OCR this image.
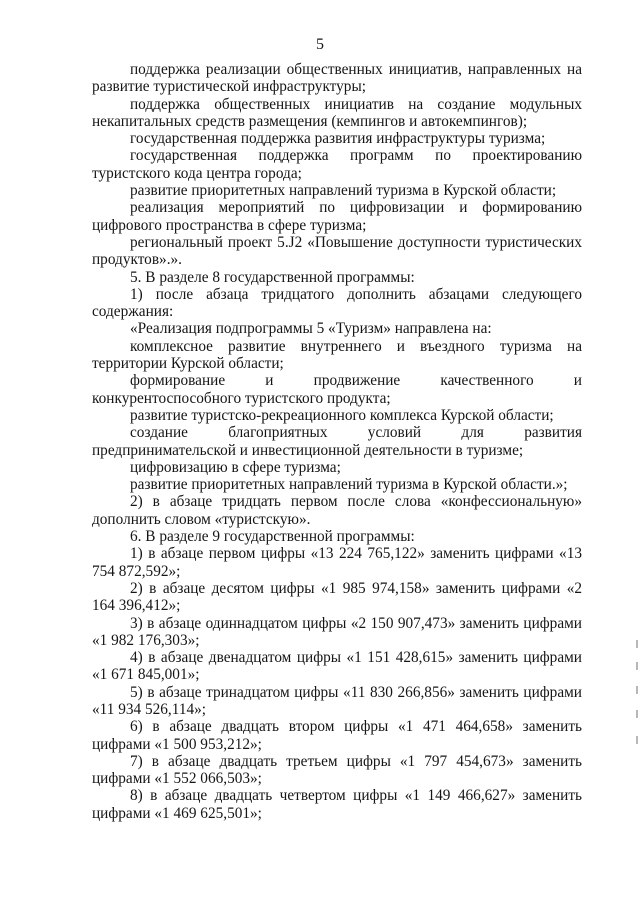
5

поддержка реализации общественных инициатив, направленных на развитие туристической инфраструктуры;

поддержка общественных инициатив на создание модульных некапитальных средств размещения (кемпингов и автокемпингов);

государственная поддержка развития инфраструктуры туризма;

государственная поддержка программ по проектированию туристского кода центра города;

развитие приоритетных направлений туризма в Курской области;

реализация мероприятий по цифровизации и формированию цифрового пространства в сфере туризма;

региональный проект 5.J2 «Повышение доступности туристических продуктов».».

5. В разделе 8 государственной программы:

1) после абзаца тридцатого дополнить абзацами следующего содержания:

«Реализация подпрограммы 5 «Туризм» направлена на:

комплексное развитие внутреннего и въездного туризма на территории Курской области;

формирование и продвижение качественного и конкурентоспособного туристского продукта;

развитие туристско-рекреационного комплекса Курской области;

создание благоприятных условий для развития предпринимательской и инвестиционной деятельности в туризме;

цифровизацию в сфере туризма;

развитие приоритетных направлений туризма в Курской области.»;

2) в абзаце тридцать первом после слова «конфессиональную» дополнить словом «туристскую».

6. В разделе 9 государственной программы:

1) в абзаце первом цифры «13 224 765,122» заменить цифрами «13 754 872,592»;

2) в абзаце десятом цифры «1 985 974,158» заменить цифрами «2 164 396,412»;

3) в абзаце одиннадцатом цифры «2 150 907,473» заменить цифрами «1 982 176,303»;

4) в абзаце двенадцатом цифры «1 151 428,615» заменить цифрами «1 671 845,001»;

5) в абзаце тринадцатом цифры «11 830 266,856» заменить цифрами «11 934 526,114»;

6) в абзаце двадцать втором цифры «1 471 464,658» заменить цифрами «1 500 953,212»;

7) в абзаце двадцать третьем цифры «1 797 454,673» заменить цифрами «1 552 066,503»;

8) в абзаце двадцать четвертом цифры «1 149 466,627» заменить цифрами «1 469 625,501»;
